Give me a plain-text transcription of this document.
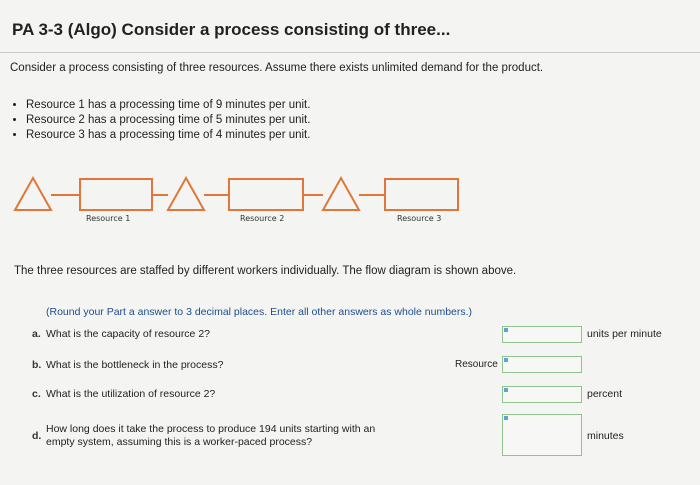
PA 3-3 (Algo) Consider a process consisting of three...
Consider a process consisting of three resources. Assume there exists unlimited demand for the product.
• Resource 1 has a processing time of 9 minutes per unit.
• Resource 2 has a processing time of 5 minutes per unit.
• Resource 3 has a processing time of 4 minutes per unit.
Resource 1	Resource 2	Resource 3
The three resources are staffed by different workers individually. The flow diagram is shown above.
(Round your Part a answer to 3 decimal places. Enter all other answers as whole numbers.)
a. What is the capacity of resource 2?	units per minute
b. What is the bottleneck in the process?	Resource
c. What is the utilization of resource 2?	percent
d.
How long does it take the process to produce 194 units starting with an
empty system, assuming this is a worker-paced process?	minutes
